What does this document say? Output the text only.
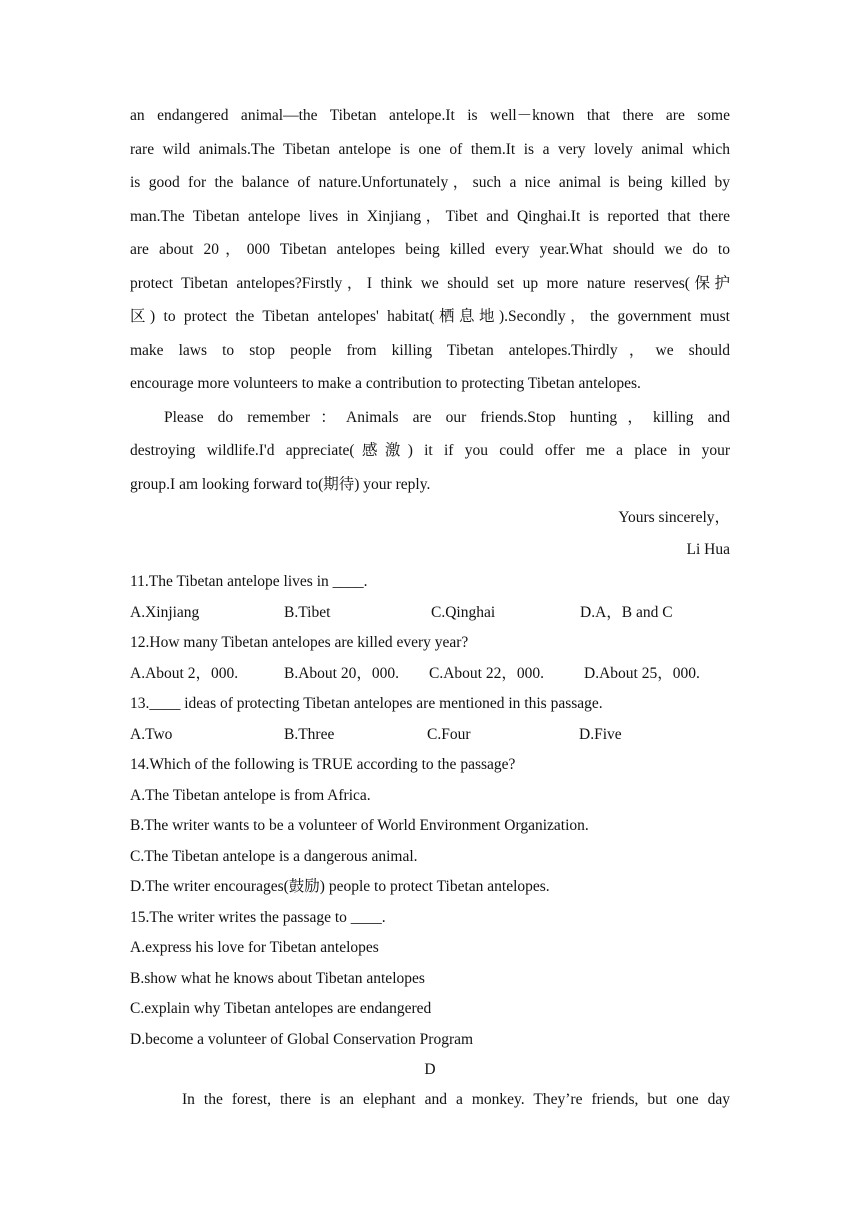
an endangered animal—the Tibetan antelope.It is well－known that there are some
rare wild animals.The Tibetan antelope is one of them.It is a very lovely animal which
is good for the balance of nature.Unfortunately，such a nice animal is being killed by
man.The Tibetan antelope lives in Xinjiang，Tibet and Qinghai.It is reported that there
are about 20，000 Tibetan antelopes being killed every year.What should we do to
protect Tibetan antelopes?Firstly，I think we should set up more nature reserves(保护
区) to protect the Tibetan antelopes' habitat(栖息地).Secondly，the government must
make laws to stop people from killing Tibetan antelopes.Thirdly，we should
encourage more volunteers to make a contribution to protecting Tibetan antelopes.
Please do remember：Animals are our friends.Stop hunting，killing and
destroying wildlife.I'd appreciate(感激) it if you could offer me a place in your
group.I am looking forward to(期待) your reply.
Yours sincerely，
Li Hua
11.The Tibetan antelope lives in ____.
A.Xinjiang	B.Tibet	C.Qinghai	D.A，B and C
12.How many Tibetan antelopes are killed every year?
A.About 2，000.	B.About 20，000. C.About 22，000.	D.About 25，000.
13.____ ideas of protecting Tibetan antelopes are mentioned in this passage.
A.Two	B.Three	C.Four	D.Five
14.Which of the following is TRUE according to the passage?
A.The Tibetan antelope is from Africa.
B.The writer wants to be a volunteer of World Environment Organization.
C.The Tibetan antelope is a dangerous animal.
D.The writer encourages(鼓励) people to protect Tibetan antelopes.
15.The writer writes the passage to ____.
A.express his love for Tibetan antelopes
B.show what he knows about Tibetan antelopes
C.explain why Tibetan antelopes are endangered
D.become a volunteer of Global Conservation Program
D
In the forest, there is an elephant and a monkey. They’re friends, but one day
